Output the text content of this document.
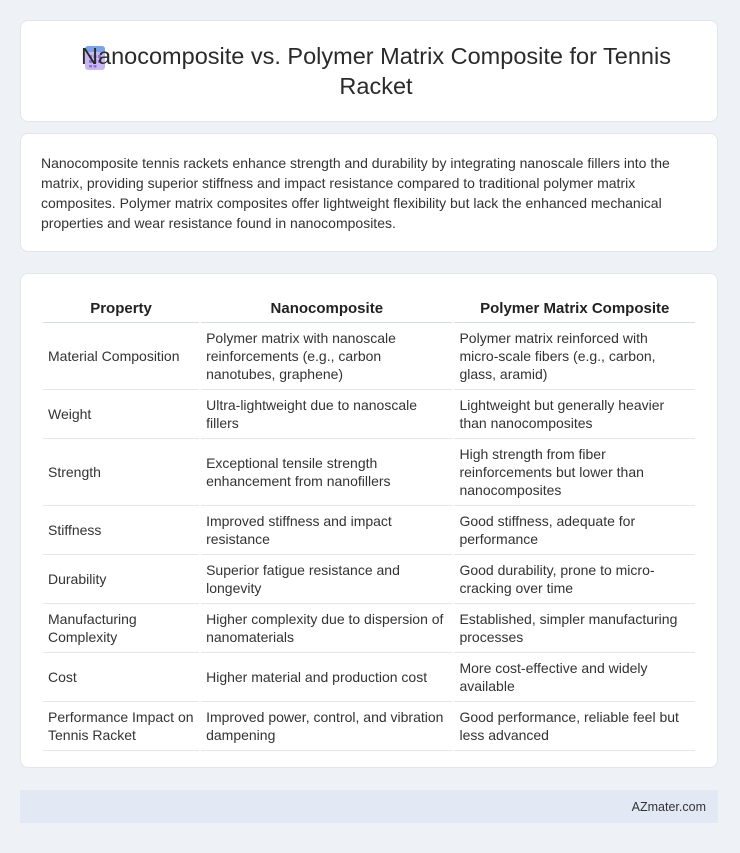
Nanocomposite vs. Polymer Matrix Composite for Tennis Racket

Nanocomposite tennis rackets enhance strength and durability by integrating nanoscale fillers into the matrix, providing superior stiffness and impact resistance compared to traditional polymer matrix composites. Polymer matrix composites offer lightweight flexibility but lack the enhanced mechanical properties and wear resistance found in nanocomposites.

Property	Nanocomposite	Polymer Matrix Composite
Material Composition	Polymer matrix with nanoscale reinforcements (e.g., carbon nanotubes, graphene)	Polymer matrix reinforced with micro-scale fibers (e.g., carbon, glass, aramid)
Weight	Ultra-lightweight due to nanoscale fillers	Lightweight but generally heavier than nanocomposites
Strength	Exceptional tensile strength enhancement from nanofillers	High strength from fiber reinforcements but lower than nanocomposites
Stiffness	Improved stiffness and impact resistance	Good stiffness, adequate for performance
Durability	Superior fatigue resistance and longevity	Good durability, prone to micro-cracking over time
Manufacturing Complexity	Higher complexity due to dispersion of nanomaterials	Established, simpler manufacturing processes
Cost	Higher material and production cost	More cost-effective and widely available
Performance Impact on Tennis Racket	Improved power, control, and vibration dampening	Good performance, reliable feel but less advanced
AZmater.com
